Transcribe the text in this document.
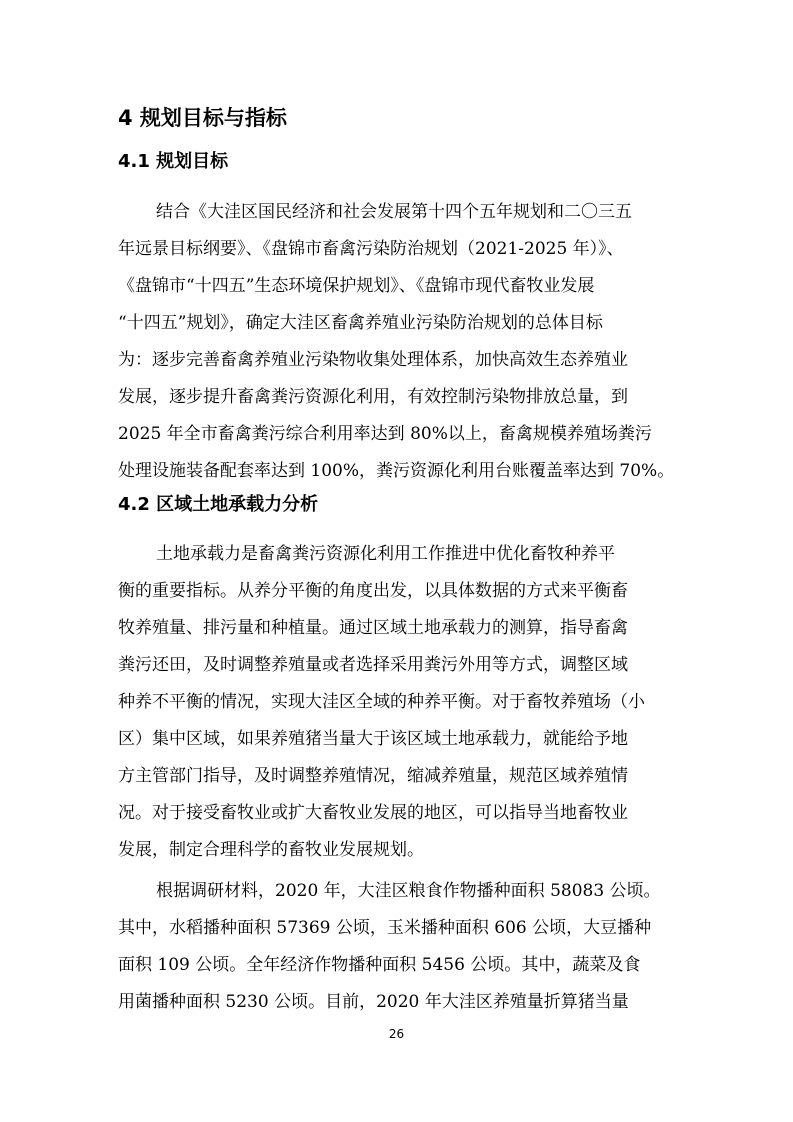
4 规划目标与指标
4.1 规划目标
结合《大洼区国民经济和社会发展第十四个五年规划和二〇三五
年远景目标纲要》、《盘锦市畜禽污染防治规划（2021-2025 年）》、
《盘锦市“十四五”生态环境保护规划》、《盘锦市现代畜牧业发展
“十四五”规划》，确定大洼区畜禽养殖业污染防治规划的总体目标
为：逐步完善畜禽养殖业污染物收集处理体系，加快高效生态养殖业
发展，逐步提升畜禽粪污资源化利用，有效控制污染物排放总量，到
2025 年全市畜禽粪污综合利用率达到 80%以上，畜禽规模养殖场粪污
处理设施装备配套率达到 100%，粪污资源化利用台账覆盖率达到 70%。
4.2 区域土地承载力分析
土地承载力是畜禽粪污资源化利用工作推进中优化畜牧种养平
衡的重要指标。从养分平衡的角度出发，以具体数据的方式来平衡畜
牧养殖量、排污量和种植量。通过区域土地承载力的测算，指导畜禽
粪污还田，及时调整养殖量或者选择采用粪污外用等方式，调整区域
种养不平衡的情况，实现大洼区全域的种养平衡。对于畜牧养殖场（小
区）集中区域，如果养殖猪当量大于该区域土地承载力，就能给予地
方主管部门指导，及时调整养殖情况，缩减养殖量，规范区域养殖情
况。对于接受畜牧业或扩大畜牧业发展的地区，可以指导当地畜牧业
发展，制定合理科学的畜牧业发展规划。
根据调研材料，2020 年，大洼区粮食作物播种面积 58083 公顷。
其中，水稻播种面积 57369 公顷，玉米播种面积 606 公顷，大豆播种
面积 109 公顷。全年经济作物播种面积 5456 公顷。其中，蔬菜及食
用菌播种面积 5230 公顷。目前，2020 年大洼区养殖量折算猪当量
26
